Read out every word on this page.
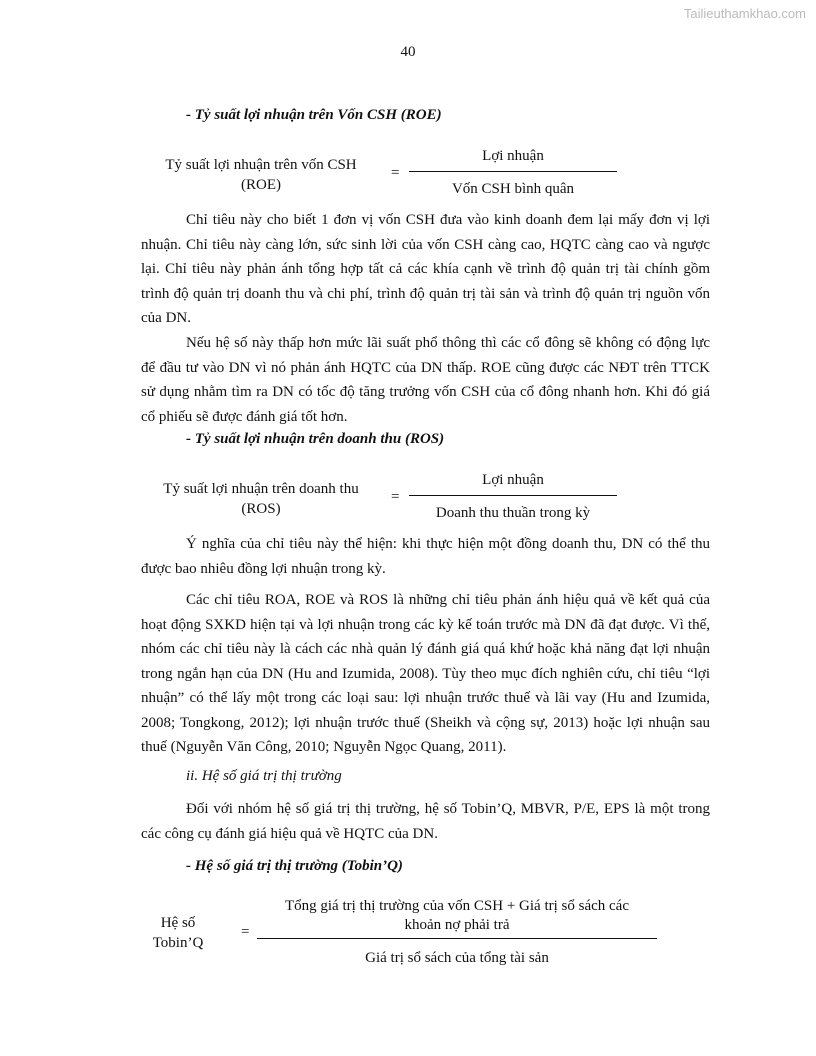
Tailieuthamkhao.com
40
- Tỷ suất lợi nhuận trên Vốn CSH (ROE)
Tỷ suất lợi nhuận trên vốn CSH
(ROE)
=
Lợi nhuận
Vốn CSH bình quân

Chỉ tiêu này cho biết 1 đơn vị vốn CSH đưa vào kinh doanh đem lại mấy đơn vị lợi nhuận. Chỉ tiêu này càng lớn, sức sinh lời của vốn CSH càng cao, HQTC càng cao và ngược lại. Chỉ tiêu này phản ánh tổng hợp tất cả các khía cạnh về trình độ quản trị tài chính gồm trình độ quản trị doanh thu và chi phí, trình độ quản trị tài sản và trình độ quản trị nguồn vốn của DN.

Nếu hệ số này thấp hơn mức lãi suất phổ thông thì các cổ đông sẽ không có động lực để đầu tư vào DN vì nó phản ánh HQTC của DN thấp. ROE cũng được các NĐT trên TTCK sử dụng nhằm tìm ra DN có tốc độ tăng trưởng vốn CSH của cổ đông nhanh hơn. Khi đó giá cổ phiếu sẽ được đánh giá tốt hơn.

- Tỷ suất lợi nhuận trên doanh thu (ROS)
Tỷ suất lợi nhuận trên doanh thu
(ROS)
=
Lợi nhuận
Doanh thu thuần trong kỳ

Ý nghĩa của chỉ tiêu này thể hiện: khi thực hiện một đồng doanh thu, DN có thể thu được bao nhiêu đồng lợi nhuận trong kỳ.

Các chỉ tiêu ROA, ROE và ROS là những chỉ tiêu phản ánh hiệu quả về kết quả của hoạt động SXKD hiện tại và lợi nhuận trong các kỳ kế toán trước mà DN đã đạt được. Vì thế, nhóm các chỉ tiêu này là cách các nhà quản lý đánh giá quá khứ hoặc khả năng đạt lợi nhuận trong ngắn hạn của DN (Hu and Izumida, 2008). Tùy theo mục đích nghiên cứu, chỉ tiêu “lợi nhuận” có thể lấy một trong các loại sau: lợi nhuận trước thuế và lãi vay (Hu and Izumida, 2008; Tongkong, 2012); lợi nhuận trước thuế (Sheikh và cộng sự, 2013) hoặc lợi nhuận sau thuế (Nguyễn Văn Công, 2010; Nguyễn Ngọc Quang, 2011).

ii. Hệ số giá trị thị trường

Đối với nhóm hệ số giá trị thị trường, hệ số Tobin’Q, MBVR, P/E, EPS là một trong các công cụ đánh giá hiệu quả về HQTC của DN.

- Hệ số giá trị thị trường (Tobin’Q)
Hệ số
Tobin’Q
=
Tổng giá trị thị trường của vốn CSH + Giá trị sổ sách các
khoản nợ phải trả
Giá trị sổ sách của tổng tài sản
